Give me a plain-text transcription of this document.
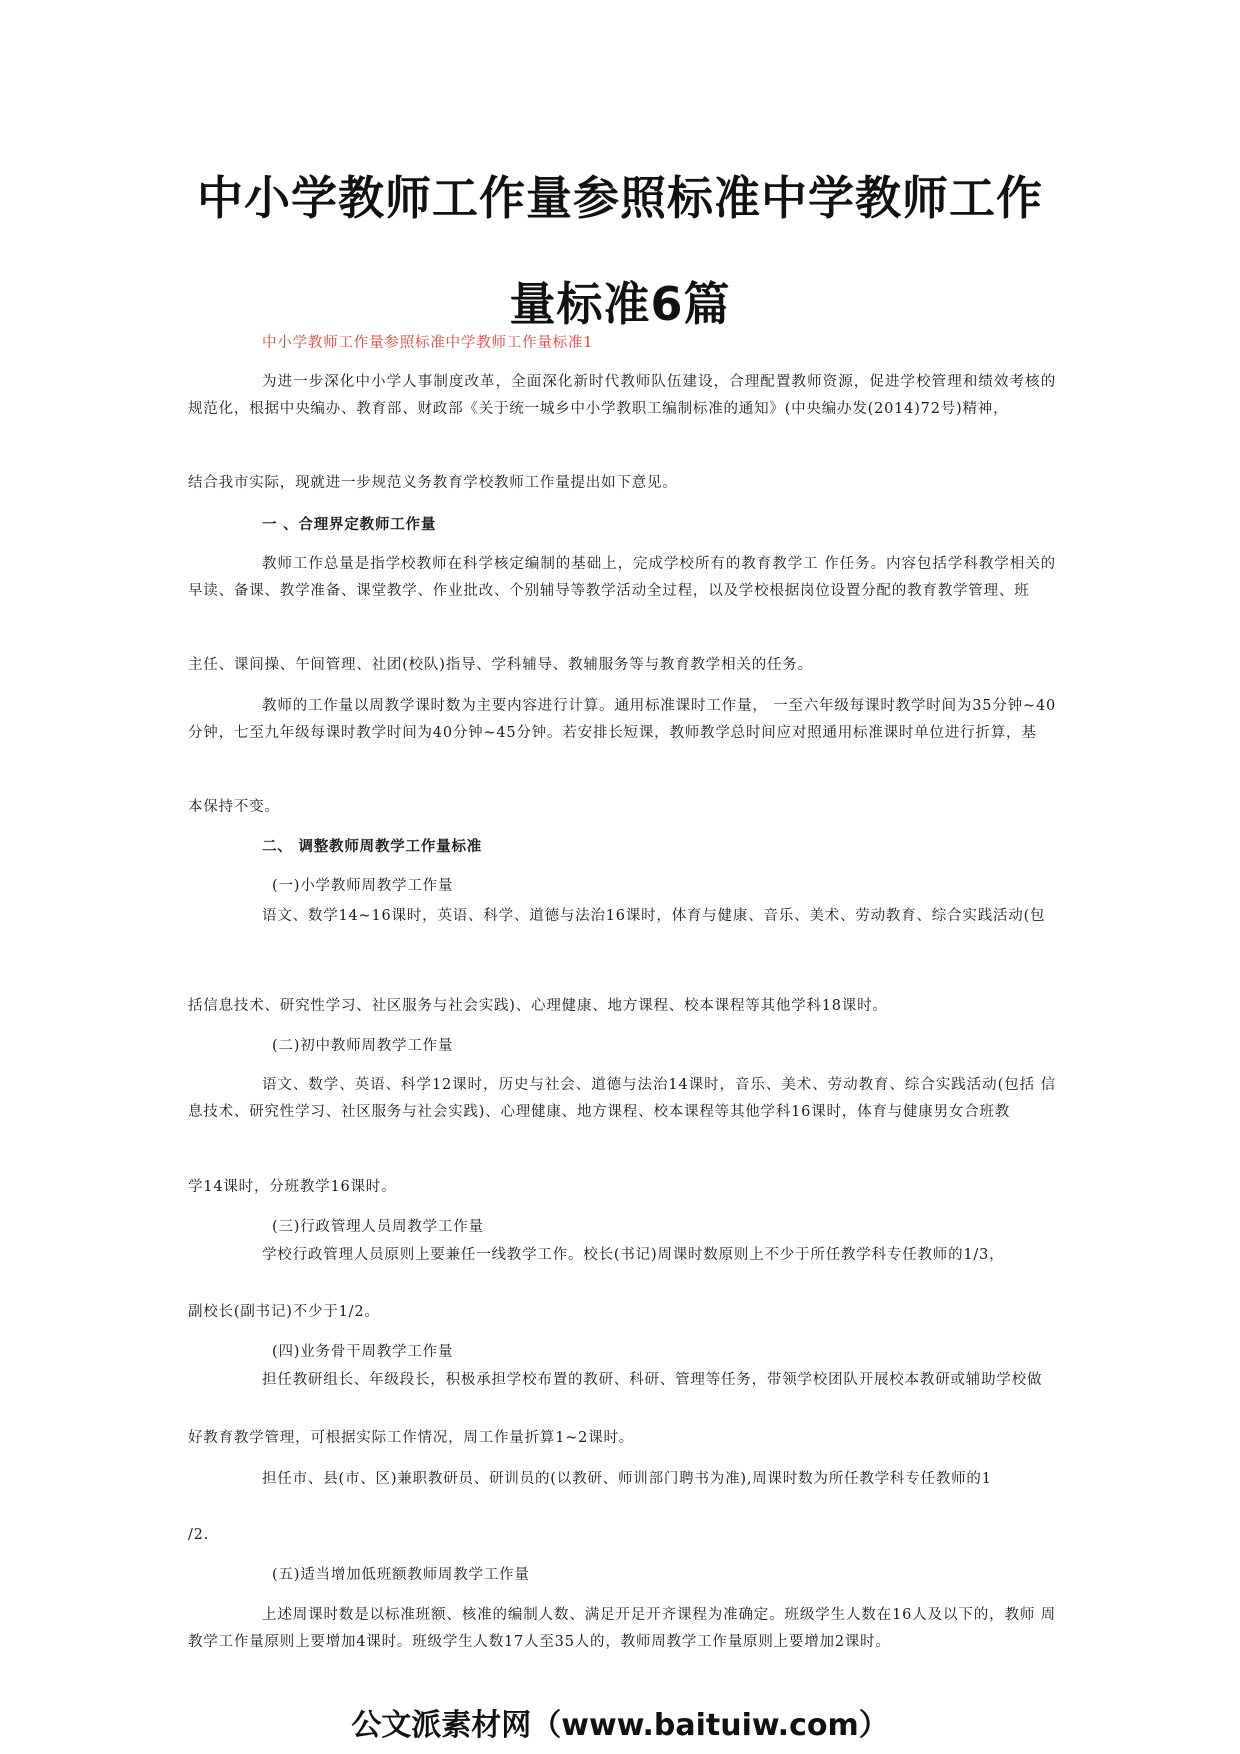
中小学教师工作量参照标准中学教师工作
量标准6篇
中小学教师工作量参照标准中学教师工作量标准1
为进一步深化中小学人事制度改革，全面深化新时代教师队伍建设，合理配置教师资源，促进学校管理和绩效考核的 规范化，根据中央编办、教育部、财政部《关于统一城乡中小学教职工编制标准的通知》(中央编办发(2014)72号)精神，
结合我市实际，现就进一步规范义务教育学校教师工作量提出如下意见。
一 、合理界定教师工作量
教师工作总量是指学校教师在科学核定编制的基础上，完成学校所有的教育教学工 作任务。内容包括学科教学相关的 早读、备课、教学准备、课堂教学、作业批改、个别辅导等教学活动全过程，以及学校根据岗位设置分配的教育教学管理、班
主任、课间操、午间管理、社团(校队)指导、学科辅导、教辅服务等与教育教学相关的任务。
教师的工作量以周教学课时数为主要内容进行计算。通用标准课时工作量， 一至六年级每课时教学时间为35分钟~40 分钟，七至九年级每课时教学时间为40分钟~45分钟。若安排长短课，教师教学总时间应对照通用标准课时单位进行折算，基
本保持不变。
二、 调整教师周教学工作量标准
(一)小学教师周教学工作量
语文、数学14~16课时，英语、科学、道德与法治16课时，体育与健康、音乐、美术、劳动教育、综合实践活动(包
括信息技术、研究性学习、社区服务与社会实践)、心理健康、地方课程、校本课程等其他学科18课时。
(二)初中教师周教学工作量
语文、数学、英语、科学12课时，历史与社会、道德与法治14课时，音乐、美术、劳动教育、综合实践活动(包括 信息技术、研究性学习、社区服务与社会实践)、心理健康、地方课程、校本课程等其他学科16课时，体育与健康男女合班教
学14课时，分班教学16课时。
(三)行政管理人员周教学工作量
学校行政管理人员原则上要兼任一线教学工作。校长(书记)周课时数原则上不少于所任教学科专任教师的1/3，
副校长(副书记)不少于1/2。
(四)业务骨干周教学工作量
担任教研组长、年级段长，积极承担学校布置的教研、科研、管理等任务，带领学校团队开展校本教研或辅助学校做
好教育教学管理，可根据实际工作情况，周工作量折算1~2课时。
担任市、县(市、区)兼职教研员、研训员的(以教研、师训部门聘书为准),周课时数为所任教学科专任教师的1
/2.
(五)适当增加低班额教师周教学工作量
上述周课时数是以标准班额、核准的编制人数、满足开足开齐课程为准确定。班级学生人数在16人及以下的，教师 周教学工作量原则上要增加4课时。班级学生人数17人至35人的，教师周教学工作量原则上要增加2课时。
公文派素材网（www.baituiw.com）
